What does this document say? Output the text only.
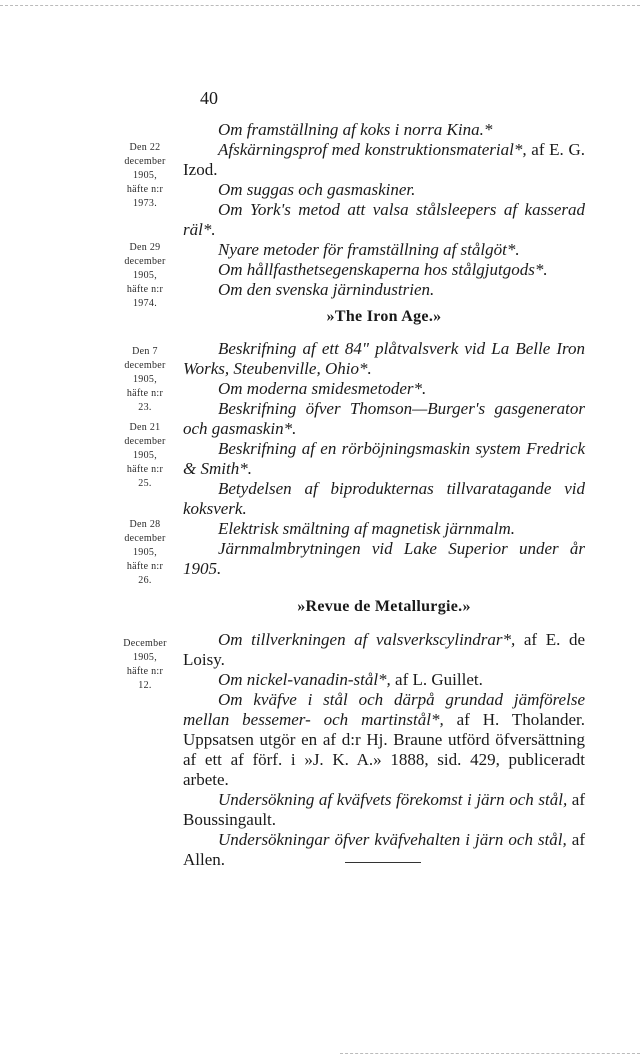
40
Den 22
december
1905,
häfte n:r
1973.
Den 29
december
1905,
häfte n:r
1974.
Den 7
december
1905,
häfte n:r
23.
Den 21
december
1905,
häfte n:r
25.
Den 28
december
1905,
häfte n:r
26.
December
1905,
häfte n:r
12.

Om framställning af koks i norra Kina.*

Afskärningsprof med konstruktionsmaterial*, af E. G. Izod.

Om suggas och gasmaskiner.

Om York's metod att valsa stålsleepers af kasserad räl*.

Nyare metoder för framställning af stålgöt*.

Om hållfasthetsegenskaperna hos stålgjutgods*.

Om den svenska järnindustrien.

»The Iron Age.»

Beskrifning af ett 84" plåtvalsverk vid La Belle Iron Works, Steubenville, Ohio*.

Om moderna smidesmetoder*.

Beskrifning öfver Thomson—Burger's gasgenerator och gasmaskin*.

Beskrifning af en rörböjningsmaskin system Fredrick & Smith*.

Betydelsen af biprodukternas tillvaratagande vid koksverk.

Elektrisk smältning af magnetisk järnmalm.

Järnmalmbrytningen vid Lake Superior under år 1905.

»Revue de Metallurgie.»

Om tillverkningen af valsverkscylindrar*, af E. de Loisy.

Om nickel-vanadin-stål*, af L. Guillet.

Om kväfve i stål och därpå grundad jämförelse mellan bessemer- och martinstål*, af H. Tholander. Uppsatsen utgör en af d:r Hj. Braune utförd öfversättning af ett af förf. i »J. K. A.» 1888, sid. 429, publiceradt arbete.

Undersökning af kväfvets förekomst i järn och stål, af Boussingault.

Undersökningar öfver kväfvehalten i järn och stål, af Allen.
